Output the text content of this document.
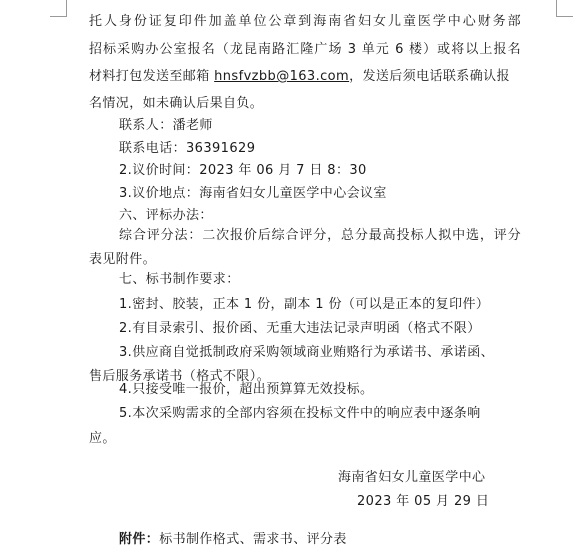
托人身份证复印件加盖单位公章到海南省妇女儿童医学中心财务部
招标采购办公室报名（龙昆南路汇隆广场 3 单元 6 楼）或将以上报名
材料打包发送至邮箱 hnsfvzbb@163.com，发送后须电话联系确认报
名情况，如未确认后果自负。
联系人：潘老师
联系电话：36391629
2.议价时间：2023 年 06 月 7 日 8：30
3.议价地点：海南省妇女儿童医学中心会议室
六、评标办法：
综合评分法：二次报价后综合评分，总分最高投标人拟中选，评分
表见附件。
七、标书制作要求：
1.密封、胶装，正本 1 份，副本 1 份（可以是正本的复印件）
2.有目录索引、报价函、无重大违法记录声明函（格式不限）
3.供应商自觉抵制政府采购领域商业贿赂行为承诺书、承诺函、
售后服务承诺书（格式不限）。
4.只接受唯一报价，超出预算算无效投标。
5.本次采购需求的全部内容须在投标文件中的响应表中逐条响
应。
海南省妇女儿童医学中心
2023 年 05 月 29 日
附件：标书制作格式、需求书、评分表
